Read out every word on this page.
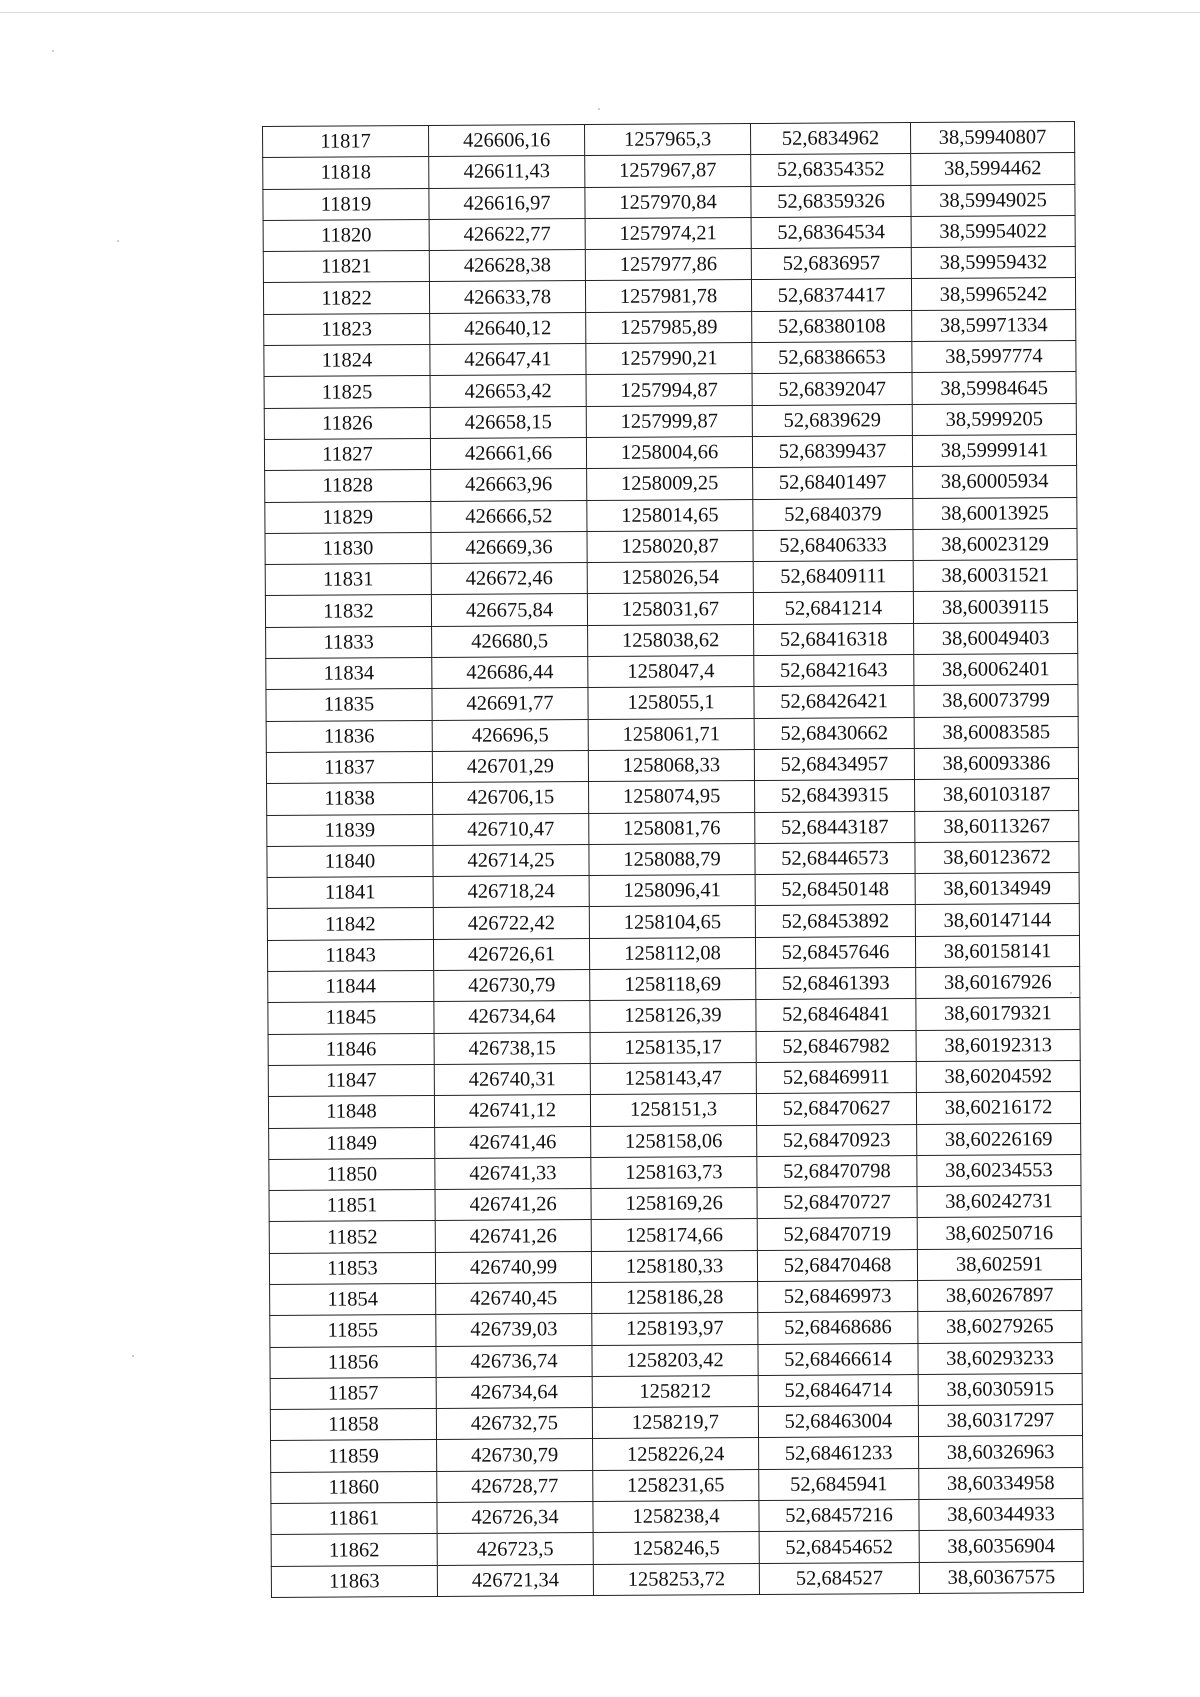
11817	426606,16	1257965,3	52,6834962	38,59940807
11818	426611,43	1257967,87	52,68354352	38,5994462
11819	426616,97	1257970,84	52,68359326	38,59949025
11820	426622,77	1257974,21	52,68364534	38,59954022
11821	426628,38	1257977,86	52,6836957	38,59959432
11822	426633,78	1257981,78	52,68374417	38,59965242
11823	426640,12	1257985,89	52,68380108	38,59971334
11824	426647,41	1257990,21	52,68386653	38,5997774
11825	426653,42	1257994,87	52,68392047	38,59984645
11826	426658,15	1257999,87	52,6839629	38,5999205
11827	426661,66	1258004,66	52,68399437	38,59999141
11828	426663,96	1258009,25	52,68401497	38,60005934
11829	426666,52	1258014,65	52,6840379	38,60013925
11830	426669,36	1258020,87	52,68406333	38,60023129
11831	426672,46	1258026,54	52,68409111	38,60031521
11832	426675,84	1258031,67	52,6841214	38,60039115
11833	426680,5	1258038,62	52,68416318	38,60049403
11834	426686,44	1258047,4	52,68421643	38,60062401
11835	426691,77	1258055,1	52,68426421	38,60073799
11836	426696,5	1258061,71	52,68430662	38,60083585
11837	426701,29	1258068,33	52,68434957	38,60093386
11838	426706,15	1258074,95	52,68439315	38,60103187
11839	426710,47	1258081,76	52,68443187	38,60113267
11840	426714,25	1258088,79	52,68446573	38,60123672
11841	426718,24	1258096,41	52,68450148	38,60134949
11842	426722,42	1258104,65	52,68453892	38,60147144
11843	426726,61	1258112,08	52,68457646	38,60158141
11844	426730,79	1258118,69	52,68461393	38,60167926
11845	426734,64	1258126,39	52,68464841	38,60179321
11846	426738,15	1258135,17	52,68467982	38,60192313
11847	426740,31	1258143,47	52,68469911	38,60204592
11848	426741,12	1258151,3	52,68470627	38,60216172
11849	426741,46	1258158,06	52,68470923	38,60226169
11850	426741,33	1258163,73	52,68470798	38,60234553
11851	426741,26	1258169,26	52,68470727	38,60242731
11852	426741,26	1258174,66	52,68470719	38,60250716
11853	426740,99	1258180,33	52,68470468	38,602591
11854	426740,45	1258186,28	52,68469973	38,60267897
11855	426739,03	1258193,97	52,68468686	38,60279265
11856	426736,74	1258203,42	52,68466614	38,60293233
11857	426734,64	1258212	52,68464714	38,60305915
11858	426732,75	1258219,7	52,68463004	38,60317297
11859	426730,79	1258226,24	52,68461233	38,60326963
11860	426728,77	1258231,65	52,6845941	38,60334958
11861	426726,34	1258238,4	52,68457216	38,60344933
11862	426723,5	1258246,5	52,68454652	38,60356904
11863	426721,34	1258253,72	52,684527	38,60367575
